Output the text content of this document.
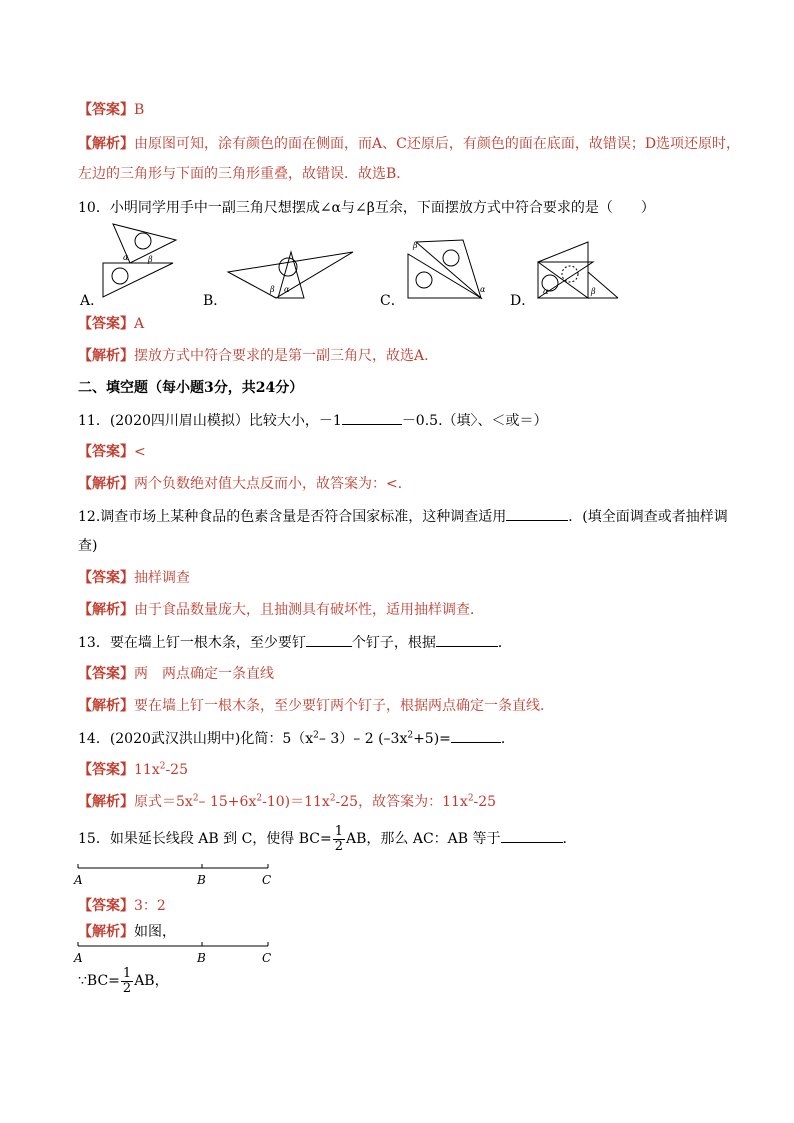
【答案】B
【解析】由原图可知，涂有颜色的面在侧面，而A、C还原后，有颜色的面在底面，故错误；D选项还原时，
左边的三角形与下面的三角形重叠，故错误．故选B．
10．小明同学用手中一副三角尺想摆成∠α与∠β互余，下面摆放方式中符合要求的是（　　）
α β
β α
β
α	α	β
A．	B．	C．	D．
【答案】A
【解析】摆放方式中符合要求的是第一副三角尺，故选A.
二、填空题（每小题3分，共24分）
11．(2020四川眉山模拟）比较大小，－1	－0.5.（填〉、＜或＝）
【答案】<
【解析】两个负数绝对值大点反而小，故答案为：<．
12.调查市场上某种食品的色素含量是否符合国家标准，这种调查适用	．(填全面调查或者抽样调
查)
【答案】抽样调查
【解析】由于食品数量庞大，且抽测具有破坏性，适用抽样调查．
13．要在墙上钉一根木条，至少要钉	个钉子，根据	．
【答案】两　两点确定一条直线
【解析】要在墙上钉一根木条，至少要钉两个钉子，根据两点确定一条直线.
14．(2020武汉洪山期中)化简：$5(x^2-$ 3）– 2 $(-3x^2+5)=$	．
【答案】$11x^2-25$
【解析】原式$=5x^2-$ $15+6x^2-10)=11x^2-25$，故答案为：$11x^2-25$
15．如果延长线段 AB 到 C，使得 $BC= \frac{1}{2}$ AB，那么 AC：AB 等于	．
A	B	C
【答案】3：2
【解析】如图，
A	B	C
∵BC= $\frac{1}{2}$ AB，
